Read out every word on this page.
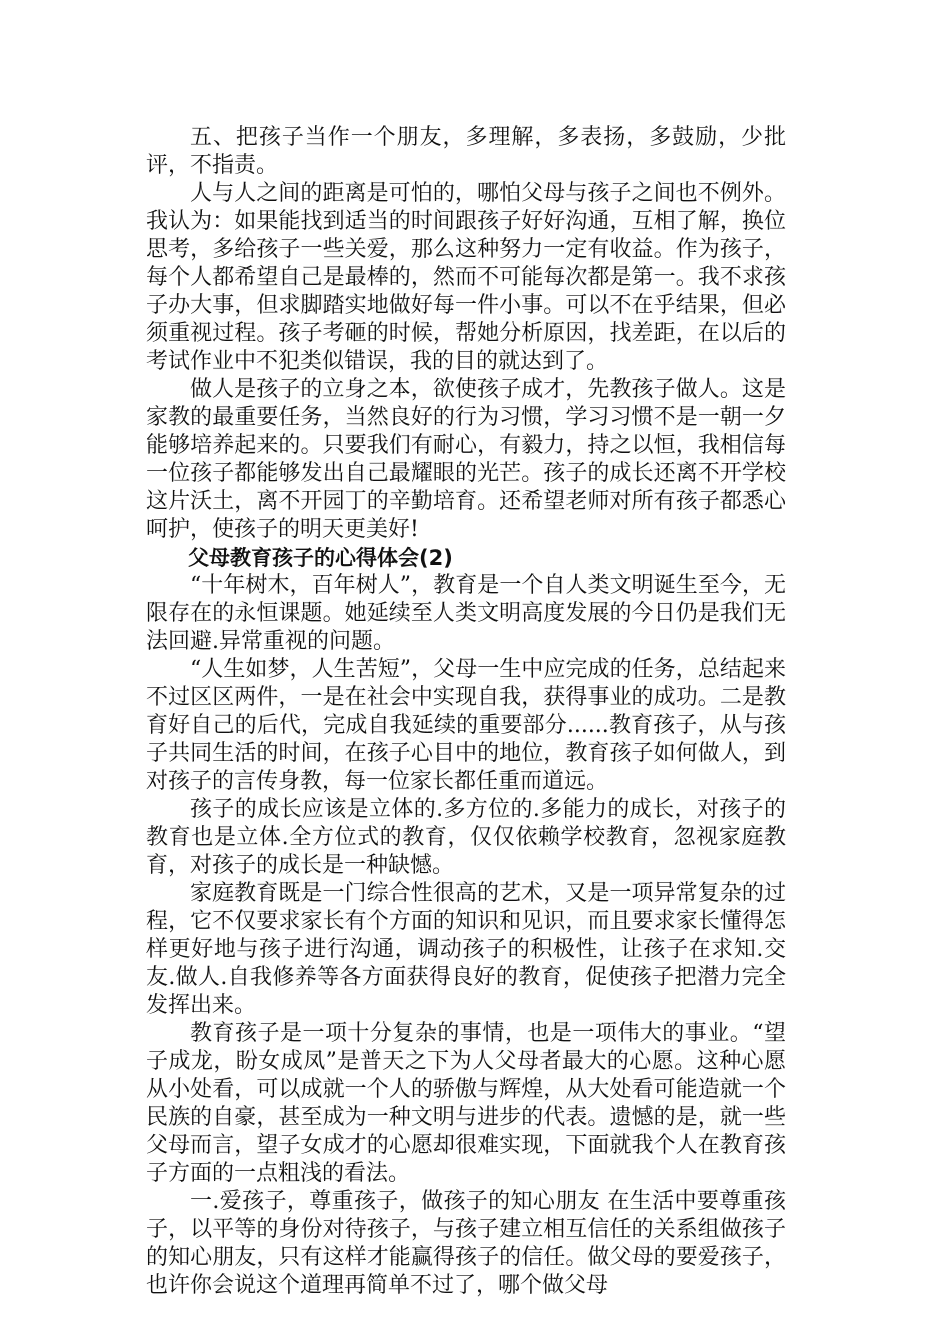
五、把孩子当作一个朋友，多理解，多表扬，多鼓励，少批评，不指责。

人与人之间的距离是可怕的，哪怕父母与孩子之间也不例外。我认为：如果能找到适当的时间跟孩子好好沟通，互相了解，换位思考，多给孩子一些关爱，那么这种努力一定有收益。作为孩子，每个人都希望自己是最棒的，然而不可能每次都是第一。我不求孩子办大事，但求脚踏实地做好每一件小事。可以不在乎结果，但必须重视过程。孩子考砸的时候，帮她分析原因，找差距，在以后的考试作业中不犯类似错误，我的目的就达到了。

做人是孩子的立身之本，欲使孩子成才，先教孩子做人。这是家教的最重要任务，当然良好的行为习惯，学习习惯不是一朝一夕能够培养起来的。只要我们有耐心，有毅力，持之以恒，我相信每一位孩子都能够发出自己最耀眼的光芒。孩子的成长还离不开学校这片沃土，离不开园丁的辛勤培育。还希望老师对所有孩子都悉心呵护，使孩子的明天更美好!

父母教育孩子的心得体会(2)

“十年树木，百年树人”，教育是一个自人类文明诞生至今，无限存在的永恒课题。她延续至人类文明高度发展的今日仍是我们无法回避.异常重视的问题。

“人生如梦，人生苦短”，父母一生中应完成的任务，总结起来不过区区两件，一是在社会中实现自我，获得事业的成功。二是教育好自己的后代，完成自我延续的重要部分......教育孩子，从与孩子共同生活的时间，在孩子心目中的地位，教育孩子如何做人，到对孩子的言传身教，每一位家长都任重而道远。

孩子的成长应该是立体的.多方位的.多能力的成长，对孩子的教育也是立体.全方位式的教育，仅仅依赖学校教育，忽视家庭教育，对孩子的成长是一种缺憾。

家庭教育既是一门综合性很高的艺术，又是一项异常复杂的过程，它不仅要求家长有个方面的知识和见识，而且要求家长懂得怎样更好地与孩子进行沟通，调动孩子的积极性，让孩子在求知.交友.做人.自我修养等各方面获得良好的教育，促使孩子把潜力完全发挥出来。

教育孩子是一项十分复杂的事情，也是一项伟大的事业。“望子成龙，盼女成凤”是普天之下为人父母者最大的心愿。这种心愿从小处看，可以成就一个人的骄傲与辉煌，从大处看可能造就一个民族的自豪，甚至成为一种文明与进步的代表。遗憾的是，就一些父母而言，望子女成才的心愿却很难实现，下面就我个人在教育孩子方面的一点粗浅的看法。

一.爱孩子，尊重孩子，做孩子的知心朋友 在生活中要尊重孩子，以平等的身份对待孩子，与孩子建立相互信任的关系组做孩子的知心朋友，只有这样才能赢得孩子的信任。做父母的要爱孩子，也许你会说这个道理再简单不过了，哪个做父母
